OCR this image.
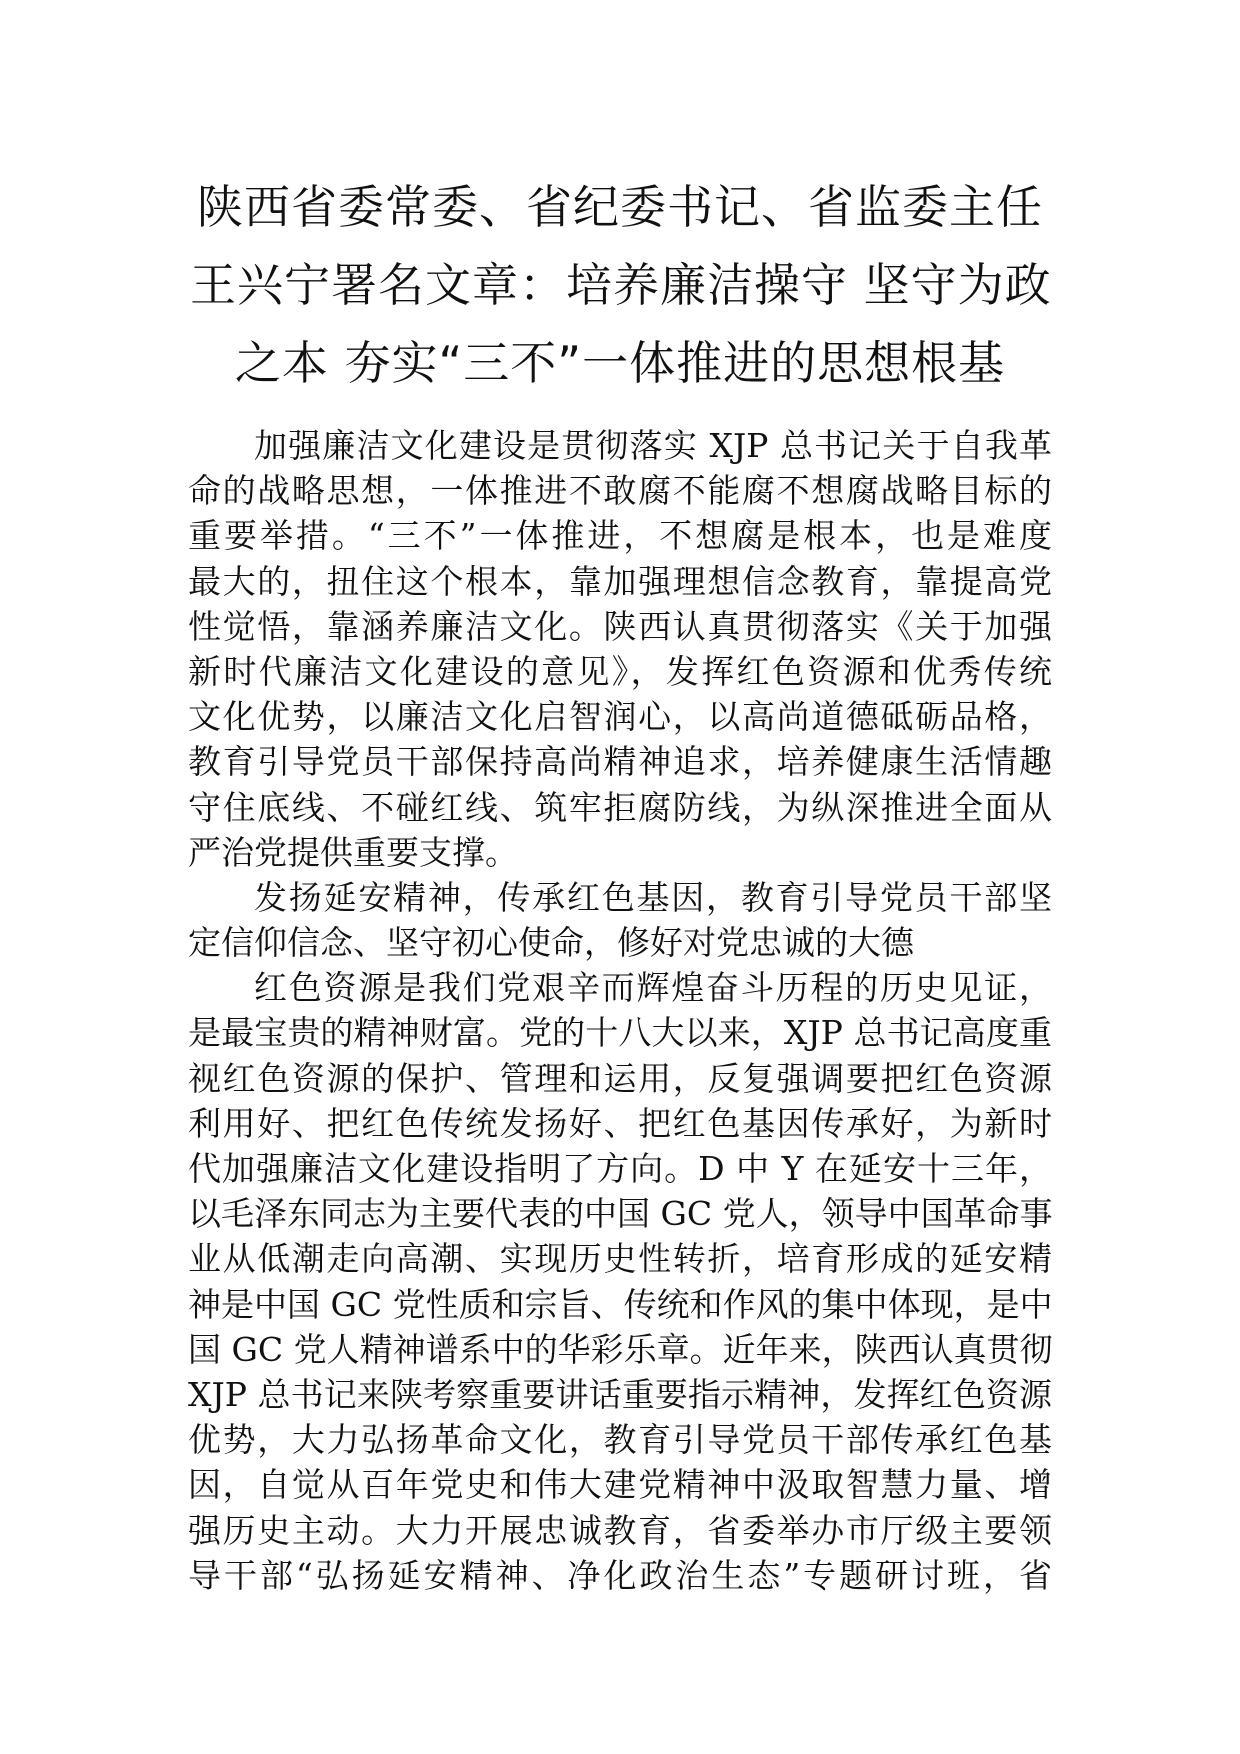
陕西省委常委、省纪委书记、省监委主任
王兴宁署名文章：培养廉洁操守 坚守为政
之本 夯实“三不”一体推进的思想根基
加强廉洁文化建设是贯彻落实 XJP 总书记关于自我革
命的战略思想，一体推进不敢腐不能腐不想腐战略目标的
重要举措。“三不”一体推进，不想腐是根本，也是难度
最大的，扭住这个根本，靠加强理想信念教育，靠提高党
性觉悟，靠涵养廉洁文化。陕西认真贯彻落实《关于加强
新时代廉洁文化建设的意见》，发挥红色资源和优秀传统
文化优势，以廉洁文化启智润心，以高尚道德砥砺品格，
教育引导党员干部保持高尚精神追求，培养健康生活情趣
守住底线、不碰红线、筑牢拒腐防线，为纵深推进全面从
严治党提供重要支撑。
发扬延安精神，传承红色基因，教育引导党员干部坚
定信仰信念、坚守初心使命，修好对党忠诚的大德
红色资源是我们党艰辛而辉煌奋斗历程的历史见证，
是最宝贵的精神财富。党的十八大以来，XJP 总书记高度重
视红色资源的保护、管理和运用，反复强调要把红色资源
利用好、把红色传统发扬好、把红色基因传承好，为新时
代加强廉洁文化建设指明了方向。D 中 Y 在延安十三年，
以毛泽东同志为主要代表的中国 GC 党人，领导中国革命事
业从低潮走向高潮、实现历史性转折，培育形成的延安精
神是中国 GC 党性质和宗旨、传统和作风的集中体现，是中
国 GC 党人精神谱系中的华彩乐章。近年来，陕西认真贯彻
XJP 总书记来陕考察重要讲话重要指示精神，发挥红色资源
优势，大力弘扬革命文化，教育引导党员干部传承红色基
因，自觉从百年党史和伟大建党精神中汲取智慧力量、增
强历史主动。大力开展忠诚教育，省委举办市厅级主要领
导干部“弘扬延安精神、净化政治生态”专题研讨班，省
